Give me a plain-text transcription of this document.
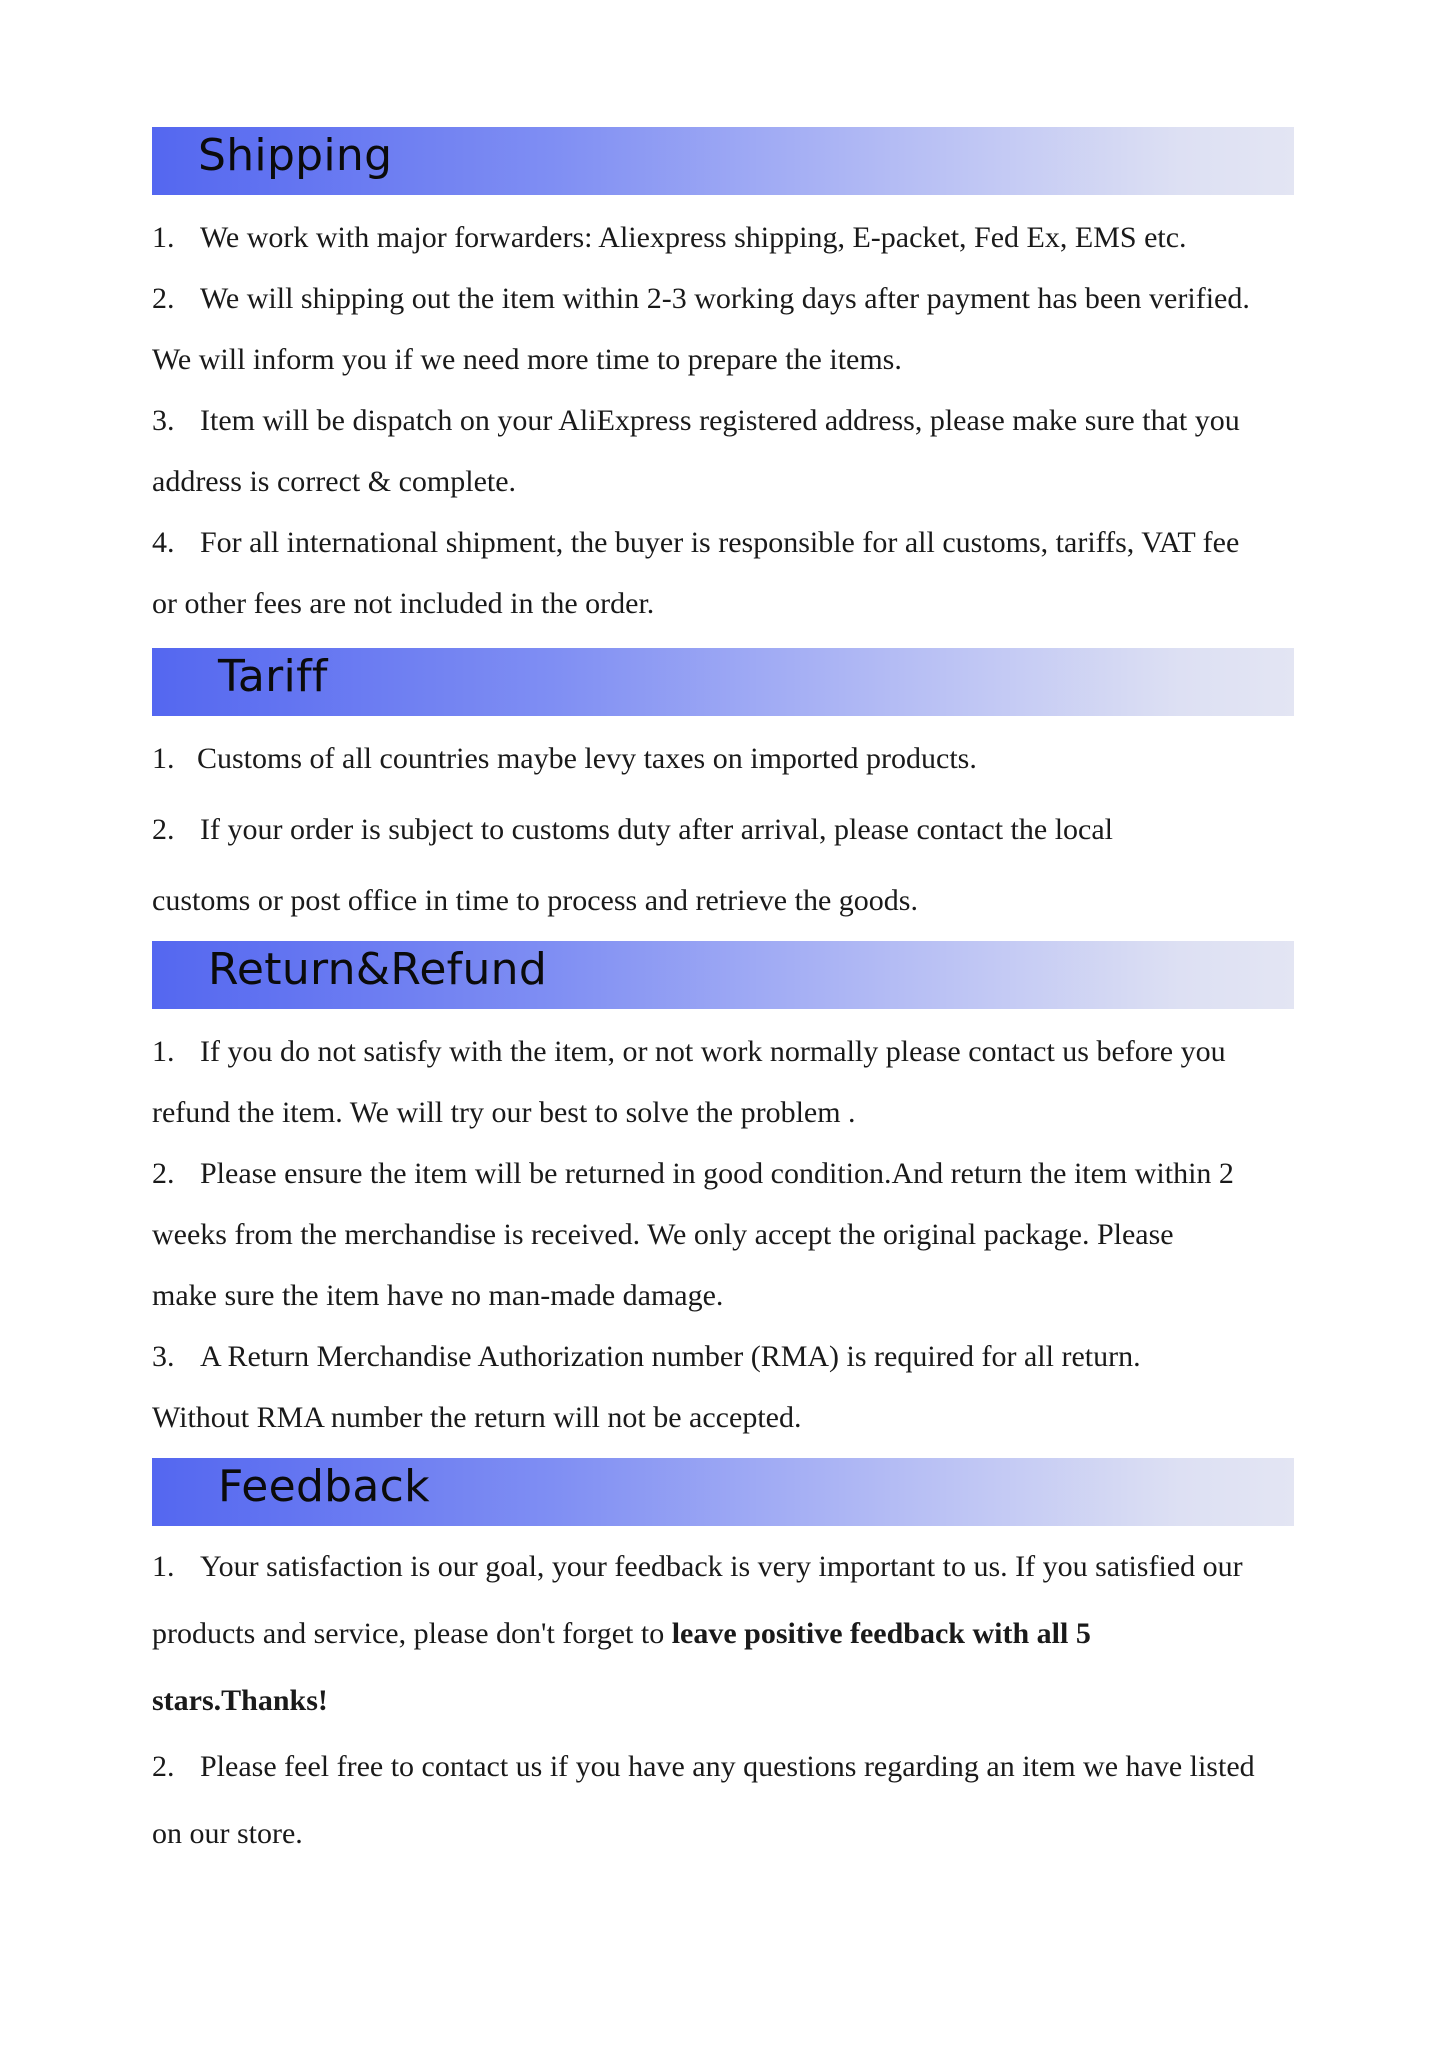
Shipping
1. We work with major forwarders: Aliexpress shipping, E-packet, Fed Ex, EMS etc.
2. We will shipping out the item within 2-3 working days after payment has been verified.
We will inform you if we need more time to prepare the items.
3. Item will be dispatch on your AliExpress registered address, please make sure that you
address is correct & complete.
4. For all international shipment, the buyer is responsible for all customs, tariffs, VAT fee
or other fees are not included in the order.
Tariff
1. Customs of all countries maybe levy taxes on imported products.
2. If your order is subject to customs duty after arrival, please contact the local
customs or post office in time to process and retrieve the goods.
Return&Refund
1. If you do not satisfy with the item, or not work normally please contact us before you
refund the item. We will try our best to solve the problem .
2. Please ensure the item will be returned in good condition.And return the item within 2
weeks from the merchandise is received. We only accept the original package. Please
make sure the item have no man-made damage.
3. A Return Merchandise Authorization number (RMA) is required for all return.
Without RMA number the return will not be accepted.
Feedback
1. Your satisfaction is our goal, your feedback is very important to us. If you satisfied our
products and service, please don't forget to leave positive feedback with all 5
stars.Thanks!
2. Please feel free to contact us if you have any questions regarding an item we have listed
on our store.
